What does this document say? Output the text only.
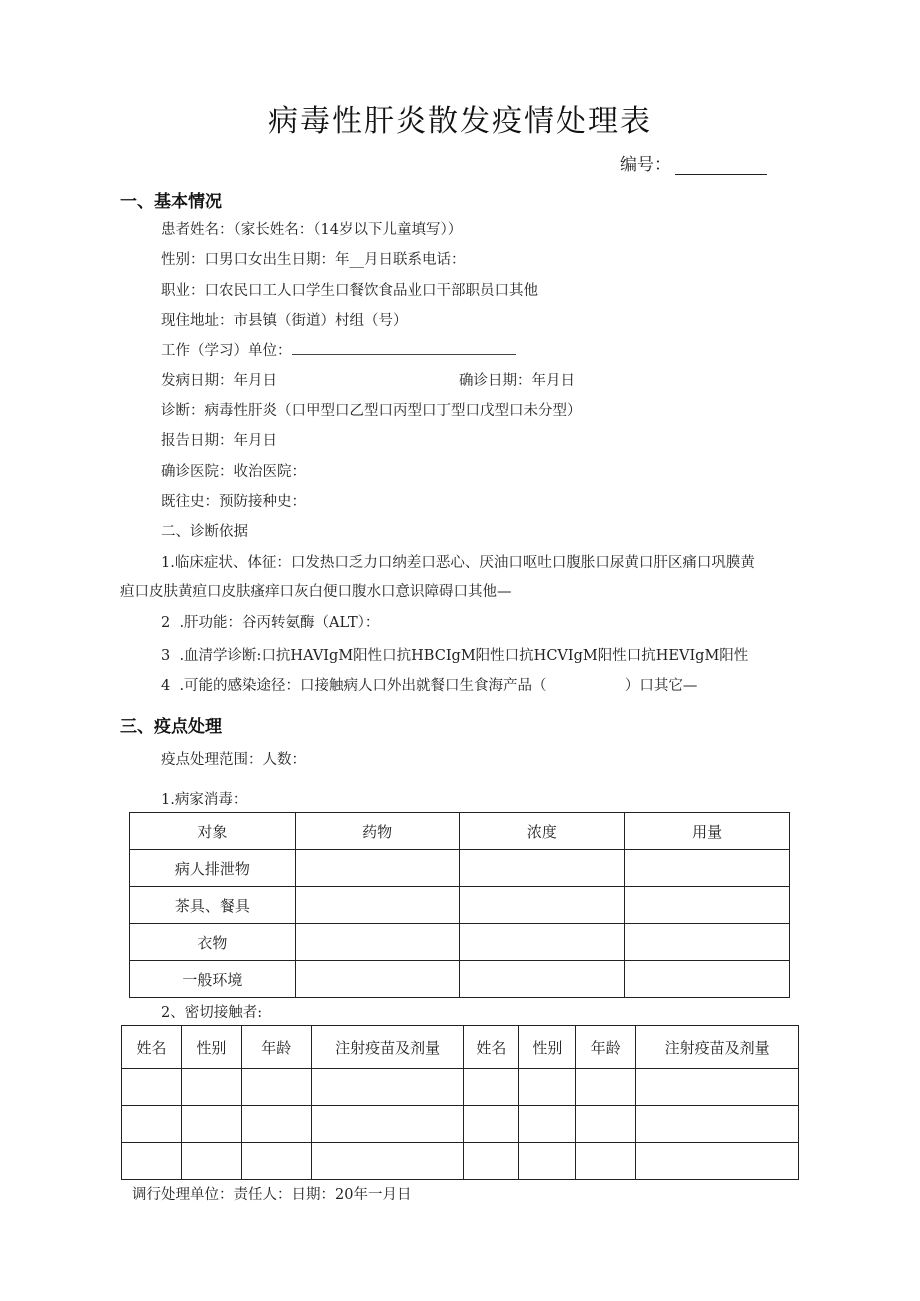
病毒性肝炎散发疫情处理表
编号：
一、基本情况
患者姓名：（家长姓名：（14岁以下儿童填写））
性别：口男口女出生日期：年__月日联系电话：
职业：口农民口工人口学生口餐饮食品业口干部职员口其他
现住地址：市县镇（街道）村组（号）
工作（学习）单位：
发病日期：年月日	确诊日期：年月日
诊断：病毒性肝炎（口甲型口乙型口丙型口丁型口戊型口未分型）
报告日期：年月日
确诊医院：收治医院：
既往史：预防接种史：
二、诊断依据
1.临床症状、体征：口发热口乏力口纳差口恶心、厌油口呕吐口腹胀口尿黄口肝区痛口巩膜黄
疸口皮肤黄疸口皮肤瘙痒口灰白便口腹水口意识障碍口其他—
2  .肝功能：谷丙转氨酶（ALT）：
3  .血清学诊断:口抗HAVIgM阳性口抗HBCIgM阳性口抗HCVIgM阳性口抗HEVIgM阳性
4  .可能的感染途径：口接触病人口外出就餐口生食海产品（                 ）口其它—
三、疫点处理
疫点处理范围：人数：
1.病家消毒：
对象	药物	浓度	用量
病人排泄物			
茶具、餐具			
衣物			
一般环境			
2、密切接触者:
姓名	性别	年龄	注射疫苗及剂量	姓名	性别	年龄	注射疫苗及剂量

调行处理单位：责任人：日期：20年一月日
